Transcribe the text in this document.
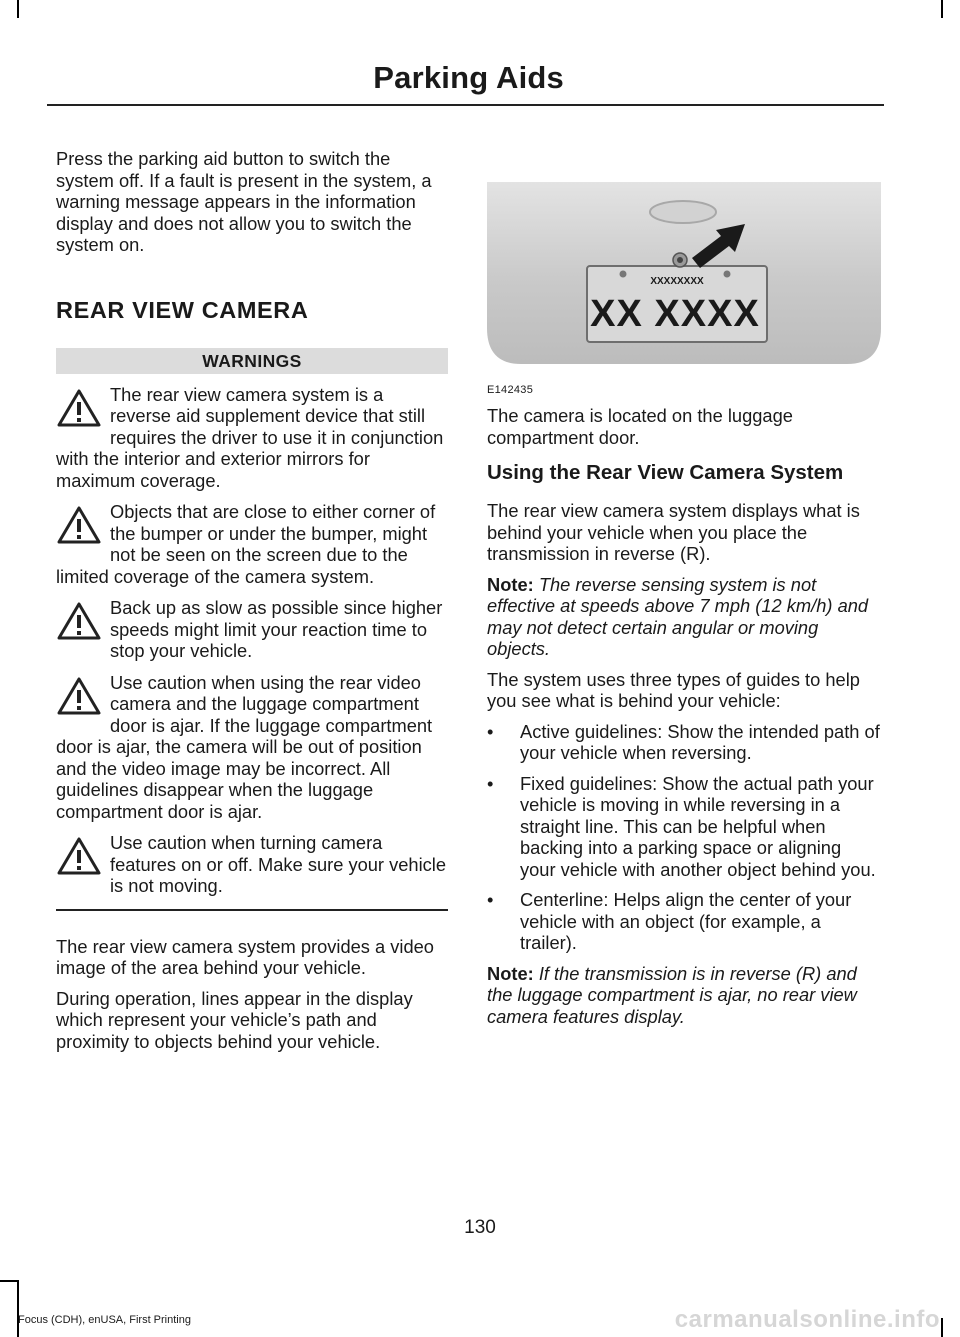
Parking Aids

Press the parking aid button to switch the system off. If a fault is present in the system, a warning message appears in the information display and does not allow you to switch the system on.

REAR VIEW CAMERA
WARNINGS

The rear view camera system is a reverse aid supplement device that still requires the driver to use it in conjunction with the interior and exterior mirrors for maximum coverage.

Objects that are close to either corner of the bumper or under the bumper, might not be seen on the screen due to the limited coverage of the camera system.

Back up as slow as possible since higher speeds might limit your reaction time to stop your vehicle.

Use caution when using the rear video camera and the luggage compartment door is ajar. If the luggage compartment door is ajar, the camera will be out of position and the video image may be incorrect. All guidelines disappear when the luggage compartment door is ajar.

Use caution when turning camera features on or off. Make sure your vehicle is not moving.

The rear view camera system provides a video image of the area behind your vehicle.

During operation, lines appear in the display which represent your vehicle’s path and proximity to objects behind your vehicle.

XXXXXXXX
XX XXXX
E142435

The camera is located on the luggage compartment door.

Using the Rear View Camera System

The rear view camera system displays what is behind your vehicle when you place the transmission in reverse (R).

Note: The reverse sensing system is not effective at speeds above 7 mph (12 km/h) and may not detect certain angular or moving objects.

The system uses three types of guides to help you see what is behind your vehicle:

• Active guidelines: Show the intended path of your vehicle when reversing.
• Fixed guidelines: Show the actual path your vehicle is moving in while reversing in a straight line. This can be helpful when backing into a parking space or aligning your vehicle with another object behind you.
• Centerline: Helps align the center of your vehicle with an object (for example, a trailer).

Note: If the transmission is in reverse (R) and the luggage compartment is ajar, no rear view camera features display.

130
Focus (CDH), enUSA, First Printing	carmanualsonline.info
